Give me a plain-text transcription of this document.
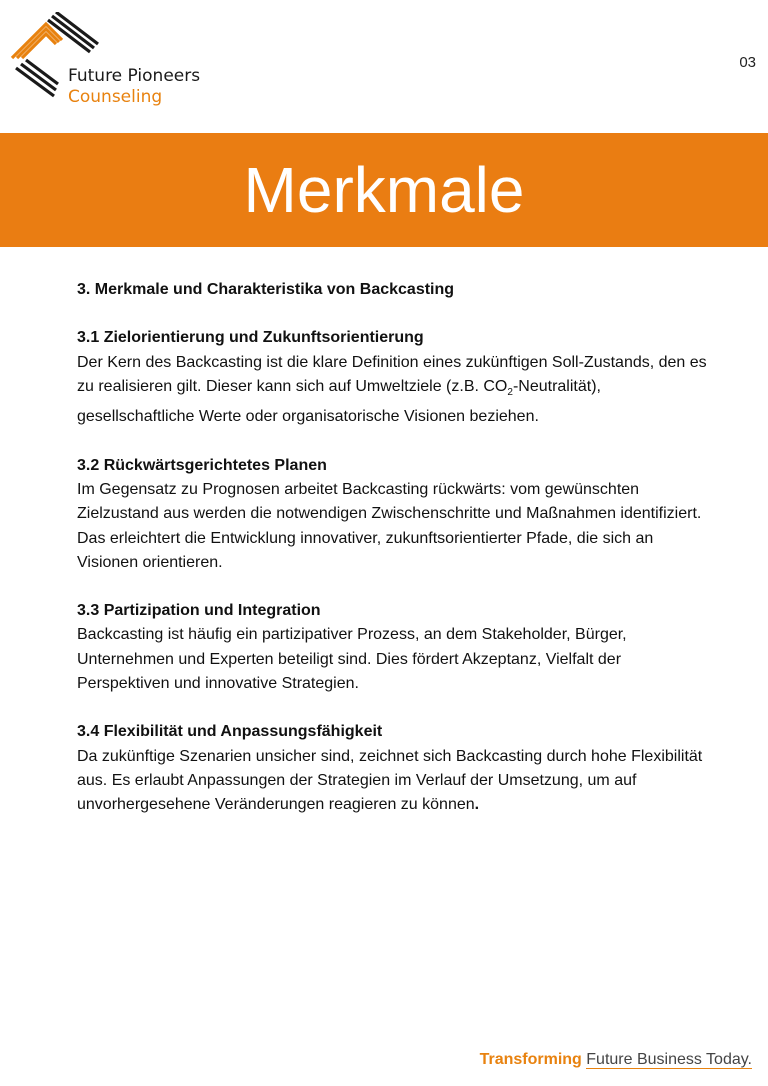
Future Pioneers
Counseling
03
Merkmale

3. Merkmale und Charakteristika von Backcasting

3.1 Zielorientierung und Zukunftsorientierung

Der Kern des Backcasting ist die klare Definition eines zukünftigen Soll-Zustands, den es zu realisieren gilt. Dieser kann sich auf Umweltziele (z.B. $CO_2-Neutralität$), gesellschaftliche Werte oder organisatorische Visionen beziehen.

3.2 Rückwärtsgerichtetes Planen

Im Gegensatz zu Prognosen arbeitet Backcasting rückwärts: vom gewünschten Zielzustand aus werden die notwendigen Zwischenschritte und Maßnahmen identifiziert. Das erleichtert die Entwicklung innovativer, zukunftsorientierter Pfade, die sich an Visionen orientieren.

3.3 Partizipation und Integration

Backcasting ist häufig ein partizipativer Prozess, an dem Stakeholder, Bürger, Unternehmen und Experten beteiligt sind. Dies fördert Akzeptanz, Vielfalt der Perspektiven und innovative Strategien.

3.4 Flexibilität und Anpassungsfähigkeit

Da zukünftige Szenarien unsicher sind, zeichnet sich Backcasting durch hohe Flexibilität aus. Es erlaubt Anpassungen der Strategien im Verlauf der Umsetzung, um auf unvorhergesehene Veränderungen reagieren zu können.

Transforming Future Business Today.
